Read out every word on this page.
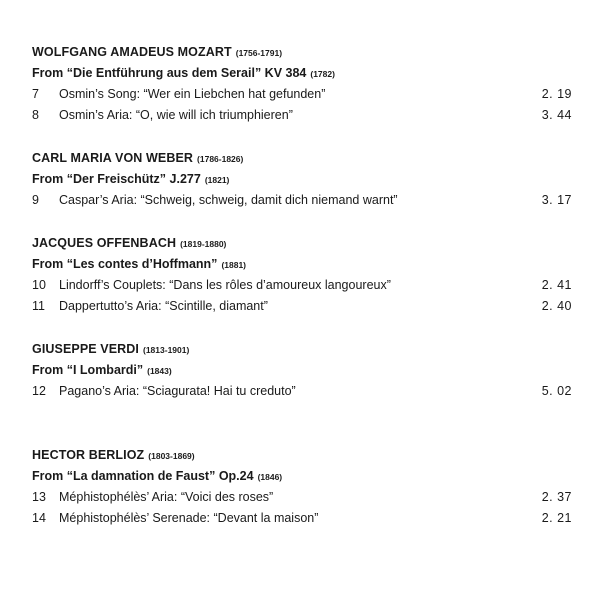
WOLFGANG AMADEUS MOZART (1756-1791)
From “Die Entführung aus dem Serail” KV 384 (1782)
7 Osmin’s Song: “Wer ein Liebchen hat gefunden”	2. 19
8 Osmin’s Aria: “O, wie will ich triumphieren”	3. 44
CARL MARIA VON WEBER (1786-1826)
From “Der Freischütz” J.277 (1821)
9 Caspar’s Aria: “Schweig, schweig, damit dich niemand warnt”	3. 17
JACQUES OFFENBACH (1819-1880)
From “Les contes d’Hoffmann” (1881)
10 Lindorff’s Couplets: “Dans les rôles d’amoureux langoureux”	2. 41
11 Dappertutto’s Aria: “Scintille, diamant”	2. 40
GIUSEPPE VERDI (1813-1901)
From “I Lombardi” (1843)
12 Pagano’s Aria: “Sciagurata! Hai tu creduto”	5. 02
HECTOR BERLIOZ (1803-1869)
From “La damnation de Faust” Op.24 (1846)
13 Méphistophélès’ Aria: “Voici des roses”	2. 37
14 Méphistophélès’ Serenade: “Devant la maison”	2. 21
